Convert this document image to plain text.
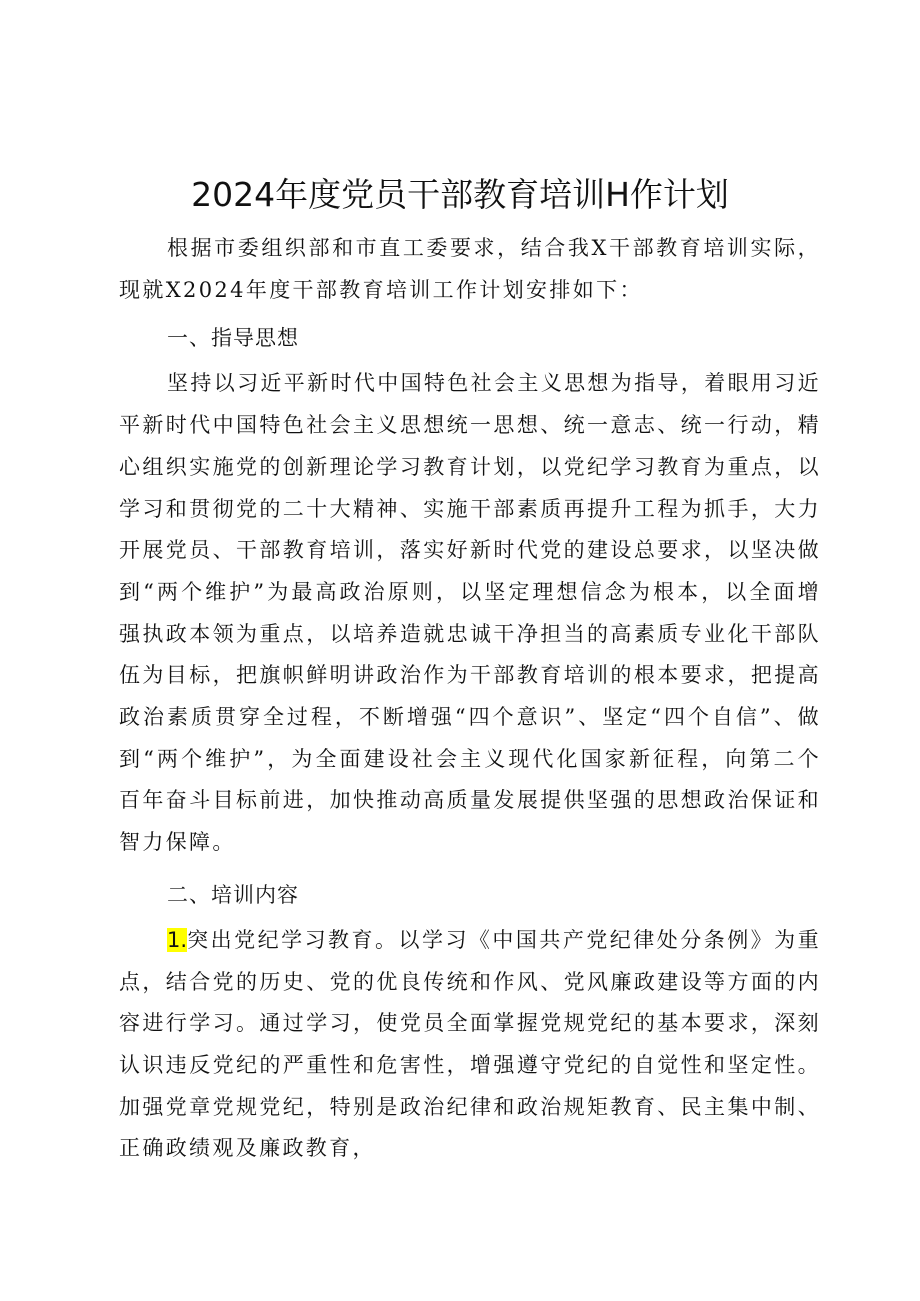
2024年度党员干部教育培训H作计划

根据市委组织部和市直工委要求，结合我X干部教育培训实际，现就X2024年度干部教育培训工作计划安排如下：

一、指导思想

坚持以习近平新时代中国特色社会主义思想为指导，着眼用习近平新时代中国特色社会主义思想统一思想、统一意志、统一行动，精心组织实施党的创新理论学习教育计划，以党纪学习教育为重点，以学习和贯彻党的二十大精神、实施干部素质再提升工程为抓手，大力开展党员、干部教育培训，落实好新时代党的建设总要求，以坚决做到“两个维护”为最高政治原则，以坚定理想信念为根本，以全面增强执政本领为重点，以培养造就忠诚干净担当的高素质专业化干部队伍为目标，把旗帜鲜明讲政治作为干部教育培训的根本要求，把提高政治素质贯穿全过程，不断增强“四个意识”、坚定“四个自信”、做到“两个维护”，为全面建设社会主义现代化国家新征程，向第二个百年奋斗目标前进，加快推动高质量发展提供坚强的思想政治保证和智力保障。

二、培训内容

1.突出党纪学习教育。以学习《中国共产党纪律处分条例》为重点，结合党的历史、党的优良传统和作风、党风廉政建设等方面的内容进行学习。通过学习，使党员全面掌握党规党纪的基本要求，深刻认识违反党纪的严重性和危害性，增强遵守党纪的自觉性和坚定性。加强党章党规党纪，特别是政治纪律和政治规矩教育、民主集中制、正确政绩观及廉政教育，
